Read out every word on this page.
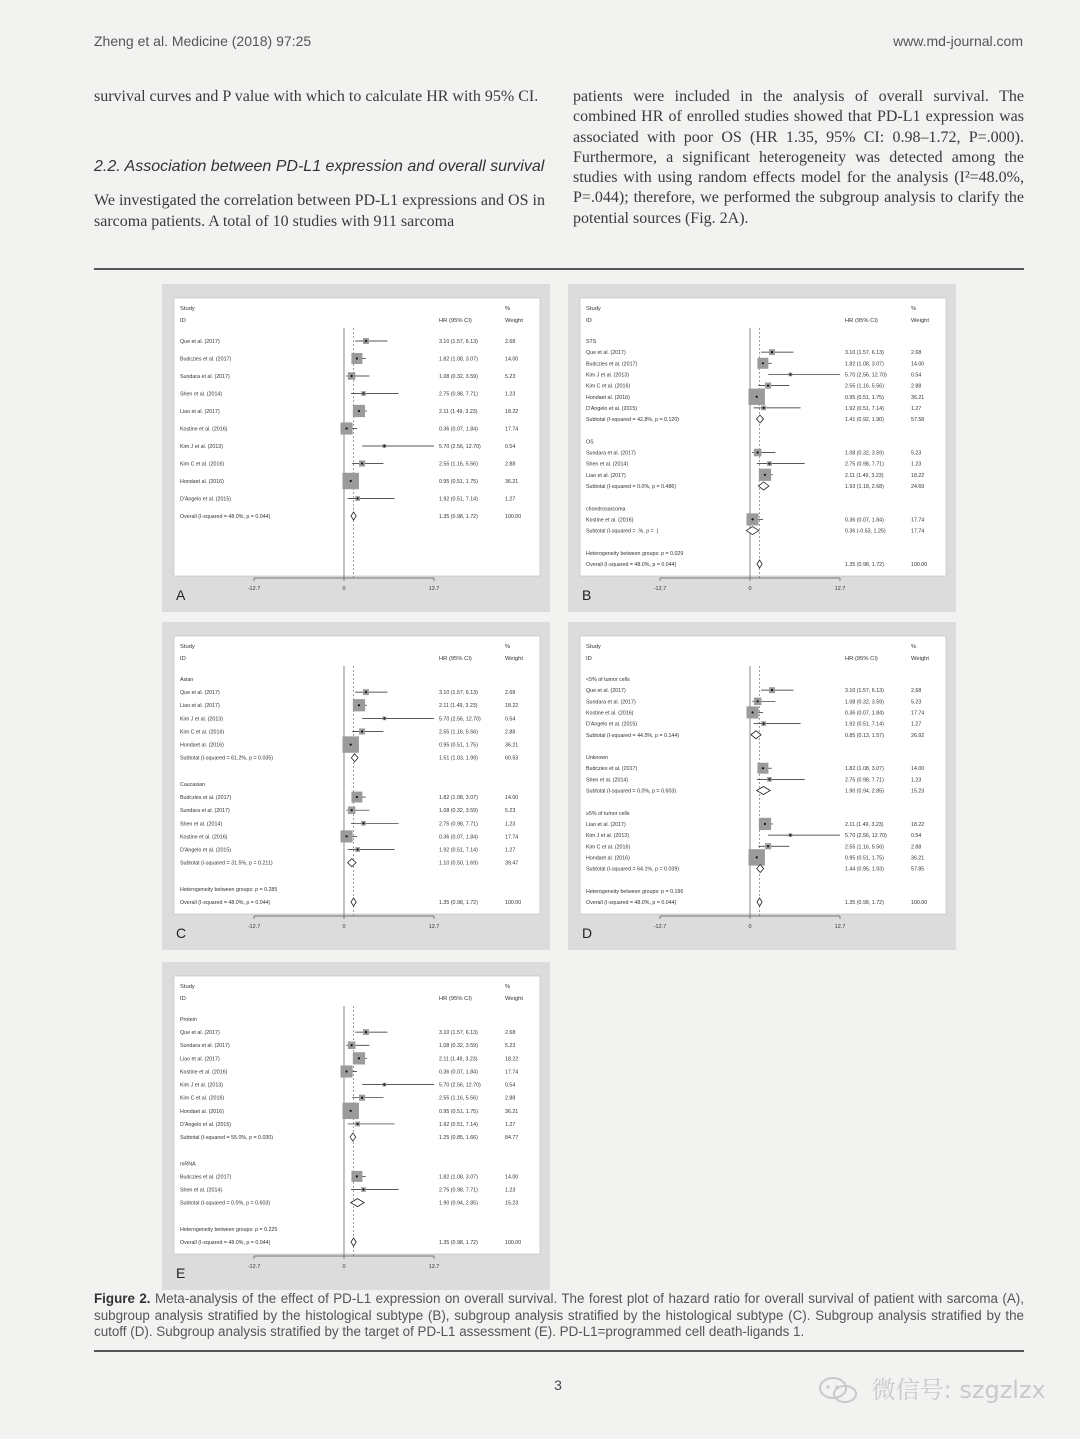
Zheng et al. Medicine (2018) 97:25	www.md-journal.com

survival curves and P value with which to calculate HR with 95% CI.

2.2. Association between PD-L1 expression and overall survival

We investigated the correlation between PD-L1 expressions and OS in sarcoma patients. A total of 10 studies with 911 sarcoma

patients were included in the analysis of overall survival. The combined HR of enrolled studies showed that PD-L1 expression was associated with poor OS (HR 1.35, 95% CI: 0.98–1.72, P=.000). Furthermore, a significant heterogeneity was detected among the studies with using random effects model for the analysis (I²=48.0%, P=.044); therefore, we performed the subgroup analysis to clarify the potential sources (Fig. 2A).

Study
ID	HR (95% CI)
%
Weight
-12.7	0	12.7
Que et al. (2017)	3.10 (1.57, 6.13)	2.68
Budczies et al. (2017)	1.82 (1.08, 3.07)	14.00
Sundara et al. (2017)	1.08 (0.32, 3.59)	5.23
Shen et al. (2014)	2.75 (0.98, 7.71)	1.23
Liao et al. (2017)	2.11 (1.49, 3.23)	18.22
Kostine et al. (2016)	0.36 (0.07, 1.84)	17.74
Kim J et al. (2013)	5.70 (2.56, 12.70)	0.54
Kim C et al. (2016)	2.55 (1.16, 5.56)	2.88
Hondaet al. (2016)	0.95 (0.51, 1.75)	36.21
D'Angelo et al. (2015)	1.92 (0.51, 7.14)	1.27
Overall (I-squared = 48.0%, p = 0.044)	1.35 (0.98, 1.72)	100.00
A
Study
ID	HR (95% CI)
%
Weight
-12.7	0	12.7
STS
Que et al. (2017)	3.10 (1.57, 6.13)	2.68
Budczies et al. (2017)	1.82 (1.08, 3.07)	14.00
Kim J et al. (2013)	5.70 (2.56, 12.70)	0.54
Kim C et al. (2016)	2.55 (1.16, 5.56)	2.88
Hondaet al. (2016)	0.95 (0.51, 1.75)	36.21
D'Angelo et al. (2015)	1.92 (0.51, 7.14)	1.27
Subtotal (I-squared = 42.8%, p = 0.120)	1.41 (0.92, 1.90)	57.58
OS
Sundara et al. (2017)	1.08 (0.32, 3.59)	5.23
Shen et al. (2014)	2.75 (0.98, 7.71)	1.23
Liao et al. (2017)	2.11 (1.49, 3.23)	18.22
Subtotal (I-squared = 0.0%, p = 0.486)	1.93 (1.18, 2.68)	24.69
chondrosarcoma
Kostine et al. (2016)	0.36 (0.07, 1.84)	17.74
Subtotal (I-squared = .%, p = .)	0.36 (-0.53, 1.25)	17.74
Heterogeneity between groups: p = 0.029
Overall (I-squared = 48.0%, p = 0.044)	1.35 (0.98, 1.72)	100.00
B
Study
ID	HR (95% CI)
%
Weight
-12.7	0	12.7
Asian
Que et al. (2017)	3.10 (1.57, 6.13)	2.68
Liao et al. (2017)	2.11 (1.49, 3.23)	18.22
Kim J et al. (2013)	5.70 (2.56, 12.70)	0.54
Kim C et al. (2016)	2.55 (1.16, 5.56)	2.88
Hondaet al. (2016)	0.95 (0.51, 1.75)	36.21
Subtotal (I-squared = 61.2%, p = 0.035)	1.51 (1.03, 1.99)	60.53
Caucasian
Budczies et al. (2017)	1.82 (1.08, 3.07)	14.00
Sundara et al. (2017)	1.08 (0.32, 3.59)	5.23
Shen et al. (2014)	2.75 (0.98, 7.71)	1.23
Kostine et al. (2016)	0.36 (0.07, 1.84)	17.74
D'Angelo et al. (2015)	1.92 (0.51, 7.14)	1.27
Subtotal (I-squared = 31.5%, p = 0.211)	1.10 (0.50, 1.69)	39.47
Heterogeneity between groups: p = 0.285
Overall (I-squared = 48.0%, p = 0.044)	1.35 (0.98, 1.72)	100.00
C
Study
ID	HR (95% CI)
%
Weight
-12.7	0	12.7
<5% of tumor cells
Que et al. (2017)	3.10 (1.57, 6.13)	2.68
Sundara et al. (2017)	1.08 (0.32, 3.59)	5.23
Kostine et al. (2016)	0.36 (0.07, 1.84)	17.74
D'Angelo et al. (2015)	1.92 (0.51, 7.14)	1.27
Subtotal (I-squared = 44.5%, p = 0.144)	0.85 (0.13, 1.57)	26.92
Unknown
Budczies et al. (2017)	1.82 (1.08, 3.07)	14.00
Shen et al. (2014)	2.75 (0.98, 7.71)	1.23
Subtotal (I-squared = 0.0%, p = 0.603)	1.90 (0.94, 2.85)	15.23
≥5% of tumor cells
Liao et al. (2017)	2.11 (1.49, 3.23)	18.22
Kim J et al. (2013)	5.70 (2.56, 12.70)	0.54
Kim C et al. (2016)	2.55 (1.16, 5.56)	2.88
Hondaet al. (2016)	0.95 (0.51, 1.75)	36.21
Subtotal (I-squared = 64.1%, p = 0.039)	1.44 (0.95, 1.93)	57.85
Heterogeneity between groups: p = 0.196
Overall (I-squared = 48.0%, p = 0.044)	1.35 (0.98, 1.72)	100.00
D
Study
ID	HR (95% CI)
%
Weight
-12.7	0	12.7
Protein
Que et al. (2017)	3.10 (1.57, 6.13)	2.68
Sundara et al. (2017)	1.08 (0.32, 3.59)	5.23
Liao et al. (2017)	2.11 (1.49, 3.23)	18.22
Kostine et al. (2016)	0.36 (0.07, 1.84)	17.74
Kim J et al. (2013)	5.70 (2.56, 12.70)	0.54
Kim C et al. (2016)	2.55 (1.16, 5.56)	2.88
Hondaet al. (2016)	0.95 (0.51, 1.75)	36.21
D'Angelo et al. (2015)	1.92 (0.51, 7.14)	1.27
Subtotal (I-squared = 55.0%, p = 0.030)	1.25 (0.85, 1.66)	84.77
mRNA
Budczies et al. (2017)	1.82 (1.08, 3.07)	14.00
Shen et al. (2014)	2.75 (0.98, 7.71)	1.23
Subtotal (I-squared = 0.0%, p = 0.603)	1.90 (0.94, 2.85)	15.23
Heterogeneity between groups: p = 0.225
Overall (I-squared = 48.0%, p = 0.044)	1.35 (0.98, 1.72)	100.00
E
Figure 2. Meta-analysis of the effect of PD-L1 expression on overall survival. The forest plot of hazard ratio for overall survival of patient with sarcoma (A), subgroup analysis stratified by the histological subtype (B), subgroup analysis stratified by the histological subtype (C). Subgroup analysis stratified by the cutoff (D). Subgroup analysis stratified by the target of PD-L1 assessment (E). PD-L1=programmed cell death-ligands 1.
3	微信号: szgzlzx
